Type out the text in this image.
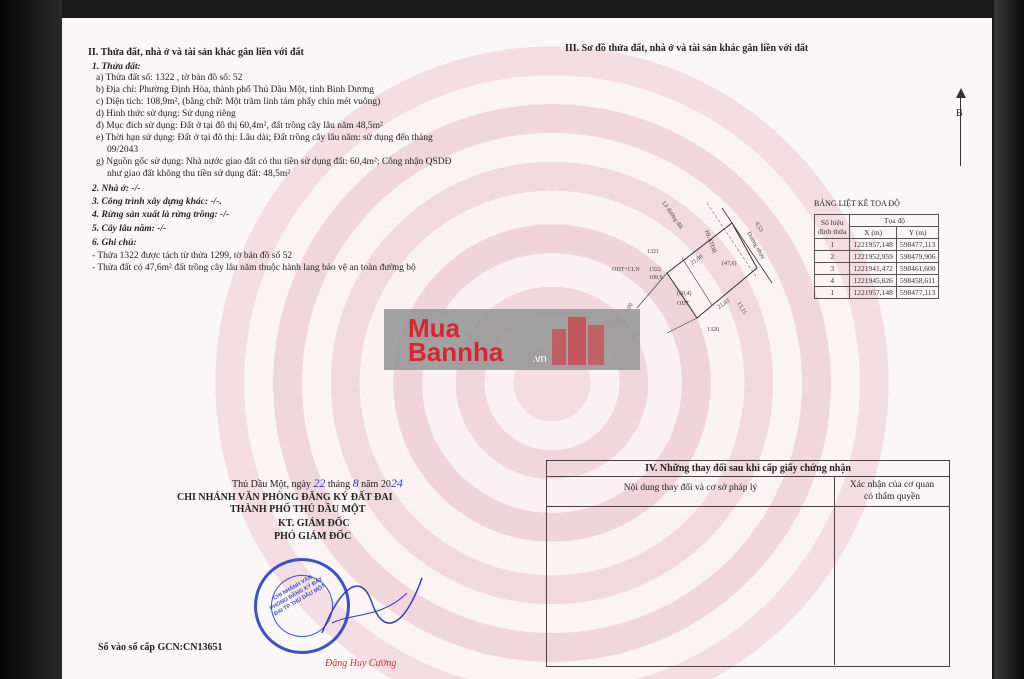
II. Thửa đất, nhà ở và tài sản khác gắn liền với đất
1. Thửa đất:
a) Thửa đất số: 1322 , tờ bản đồ số: 52
b) Địa chỉ: Phường Định Hòa, thành phố Thủ Dầu Một, tỉnh Bình Dương
c) Diện tích: 108,9m², (bằng chữ: Một trăm linh tám phẩy chín mét vuông)
d) Hình thức sử dụng: Sử dụng riêng
đ) Mục đích sử dụng: Đất ở tại đô thị 60,4m², đất trồng cây lâu năm 48,5m²
e) Thời hạn sử dụng: Đất ở tại đô thị: Lâu dài; Đất trồng cây lâu năm: sử dụng đến tháng
09/2043
g) Nguồn gốc sử dụng: Nhà nước giao đất có thu tiền sử dụng đất: 60,4m²; Công nhận QSDĐ
như giao đất không thu tiền sử dụng đất: 48,5m²
2. Nhà ở: -/-
3. Công trình xây dựng khác: -/-.
4. Rừng sản xuất là rừng trồng: -/-
5. Cây lâu năm: -/-
6. Ghi chú:
- Thửa 1322 được tách từ thửa 1299, tờ bản đồ số 52
- Thửa đất có 47,6m² đất trồng cây lâu năm thuộc hành lang bảo vệ an toàn đường bộ
III. Sơ đồ thửa đất, nhà ở và tài sản khác gắn liền với đất
B
Lê đường đất
Đường nhựa
1321
ODT+CLN 1322
108,9
ODT
(60,4)
(47,6)
1320
HLATĐB
13,15
21,00
21,03
4,53
BẢNG LIỆT KÊ TỌA ĐỘ
Số hiệu
đỉnh thửa	Tọa độ	
	X (m)	Y (m)
1	1221957,148	598477,113
2	1221952,959	598479,906
3	1221941,472	598461,600
4	1221945,626	598458,611
1	1221957,148	598477,113
Mua
Bannha	.vn
Thủ Dầu Một, ngày 22 tháng 8 năm 2024
CHI NHÁNH VĂN PHÒNG ĐĂNG KÝ ĐẤT ĐAI
THÀNH PHỐ THỦ DẦU MỘT
KT. GIÁM ĐỐC
PHÓ GIÁM ĐỐC
CHI NHÁNH VĂN PHÒNG ĐĂNG KÝ ĐẤT ĐAI TP THỦ DẦU MỘT
Đặng Huy Cường
Số vào sổ cấp GCN:CN13651
IV. Những thay đổi sau khi cấp giấy chứng nhận
Nội dung thay đổi và cơ sở pháp lý	Xác nhận của cơ quan
có thẩm quyền
